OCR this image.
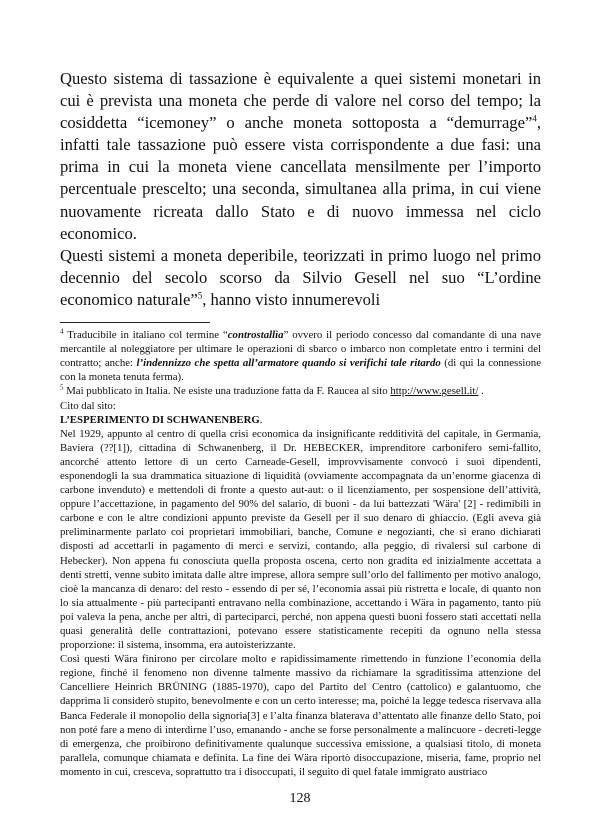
Questo sistema di tassazione è equivalente a quei sistemi monetari in cui è prevista una moneta che perde di valore nel corso del tempo; la cosiddetta “icemoney” o anche moneta sottoposta a “demurrage”$^4$, infatti tale tassazione può essere vista corrispondente a due fasi: una prima in cui la moneta viene cancellata mensilmente per l’importo percentuale prescelto; una seconda, simultanea alla prima, in cui viene nuovamente ricreata dallo Stato e di nuovo immessa nel ciclo economico.

Questi sistemi a moneta deperibile, teorizzati in primo luogo nel primo decennio del secolo scorso da Silvio Gesell nel suo “L’ordine economico naturale”$^5$, hanno visto innumerevoli

$^4$ Traducibile in italiano col termine “controstallìa” ovvero il periodo concesso dal comandante di una nave mercantile al noleggiatore per ultimare le operazioni di sbarco o imbarco non completate entro i termini del contratto; anche: l’indennizzo che spetta all’armatore quando si verifichi tale ritardo (di qui la connessione con la moneta tenuta ferma).

$^5$ Mai pubblicato in Italia. Ne esiste una traduzione fatta da F. Raucea al sito http://www.gesell.it/ .

Cito dal sito:

L’ESPERIMENTO DI SCHWANENBERG.

Nel 1929, appunto al centro di quella crisi economica da insignificante redditività del capitale, in Germania, Baviera (??[1]), cittadina di Schwanenberg, il Dr. HEBECKER, imprenditore carbonifero semi-fallito, ancorché attento lettore di un certo Carneade-Gesell, improvvisamente convocò i suoi dipendenti, esponendogli la sua drammatica situazione di liquidità (ovviamente accompagnata da un’enorme giacenza di carbone invenduto) e mettendoli di fronte a questo aut-aut: o il licenziamento, per sospensione dell’attività, oppure l’accettazione, in pagamento del 90% del salario, di buoni - da lui battezzati 'Wära' [2] - redimibili in carbone e con le altre condizioni appunto previste da Gesell per il suo denaro di ghiaccio. (Egli aveva già preliminarmente parlato coi proprietari immobiliari, banche, Comune e negozianti, che si erano dichiarati disposti ad accettarli in pagamento di merci e servizi, contando, alla peggio, di rivalersi sul carbone di Hebecker). Non appena fu conosciuta quella proposta oscena, certo non gradita ed inizialmente accettata a denti stretti, venne subito imitata dalle altre imprese, allora sempre sull’orlo del fallimento per motivo analogo, cioè la mancanza di denaro: del resto - essendo di per sé, l’economia assai più ristretta e locale, di quanto non lo sia attualmente - più partecipanti entravano nella combinazione, accettando i Wära in pagamento, tanto più poi valeva la pena, anche per altri, di parteciparci, perché, non appena questi buoni fossero stati accettati nella quasi generalità delle contrattazioni, potevano essere statisticamente recepiti da ognuno nella stessa proporzione: il sistema, insomma, era autoisterizzante.

Così questi Wära finirono per circolare molto e rapidissimamente rimettendo in funzione l’economia della regione, finché il fenomeno non divenne talmente massivo da richiamare la sgraditissima attenzione del Cancelliere Heinrich BRÜNING (1885-1970), capo del Partito del Centro (cattolico) e galantuomo, che dapprima li considerò stupito, benevolmente e con un certo interesse; ma, poiché la legge tedesca riservava alla Banca Federale il monopolio della signoria[3] e l’alta finanza blaterava d’attentato alle finanze dello Stato, poi non poté fare a meno di interdirne l’uso, emanando - anche se forse personalmente a malincuore - decreti-legge di emergenza, che proibirono definitivamente qualunque successiva emissione, a qualsiasi titolo, di moneta parallela, comunque chiamata e definita. La fine dei Wära riportò disoccupazione, miseria, fame, proprio nel momento in cui, cresceva, soprattutto tra i disoccupati, il seguito di quel fatale immigrato austriaco

128
